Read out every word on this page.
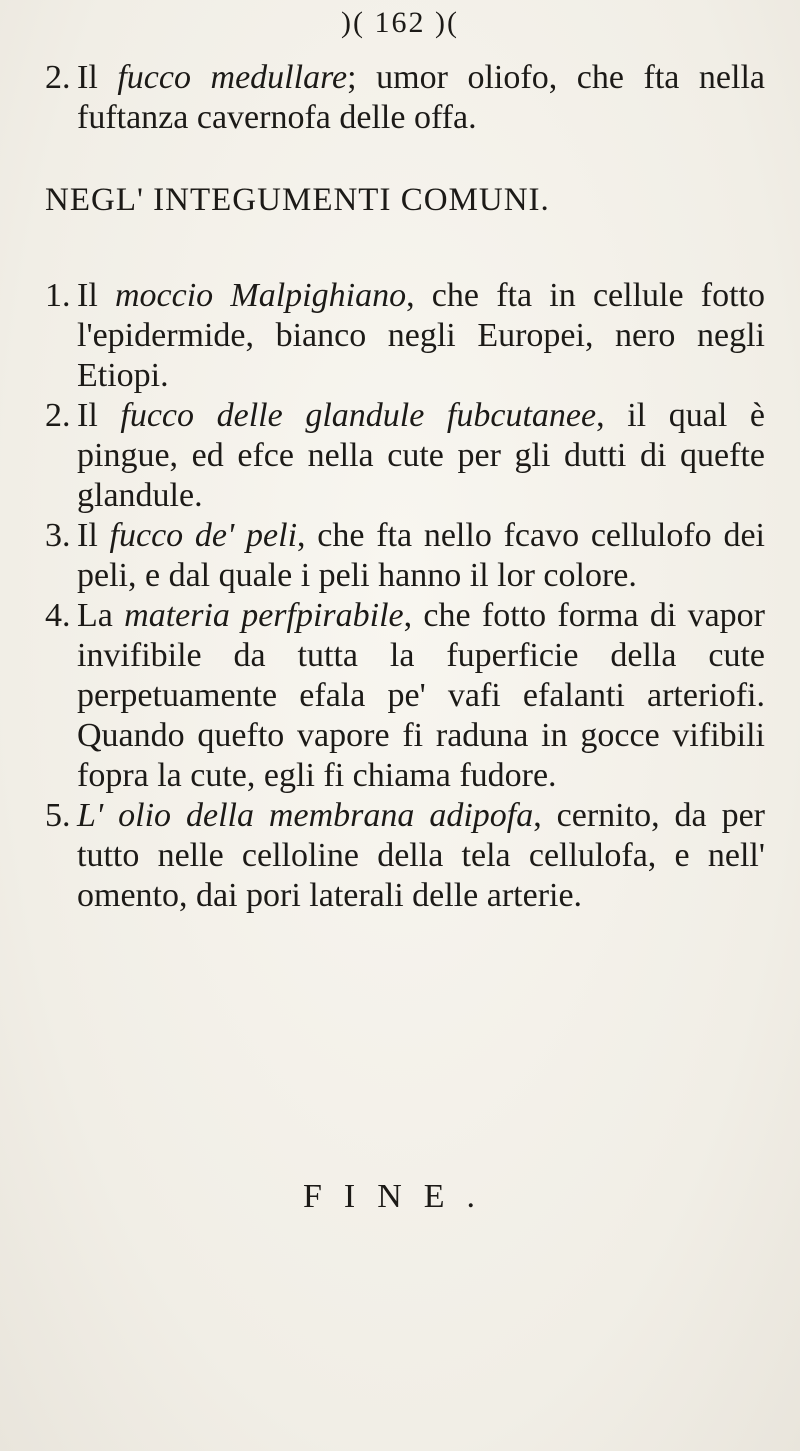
)( 162 )(
2. Il fucco medullare; umor oliofo, che fta nella fuftanza cavernofa delle offa.
NEGL' INTEGUMENTI COMUNI.
1. Il moccio Malpighiano, che fta in cellule fotto l'epidermide, bianco negli Europei, nero negli Etiopi.
2. Il fucco delle glandule fubcutanee, il qual è pingue, ed efce nella cute per gli dutti di quefte glandule.
3. Il fucco de' peli, che fta nello fcavo cellulofo dei peli, e dal quale i peli hanno il lor colore.
4. La materia perfpirabile, che fotto forma di vapor invifibile da tutta la fuperficie della cute perpetuamente efala pe' vafi efalanti arteriofi. Quando quefto vapore fi raduna in gocce vifibili fopra la cute, egli fi chiama fudore.
5. L' olio della membrana adipofa, cernito, da per tutto nelle celloline della tela cellulofa, e nell' omento, dai pori laterali delle arterie.
FINE.
